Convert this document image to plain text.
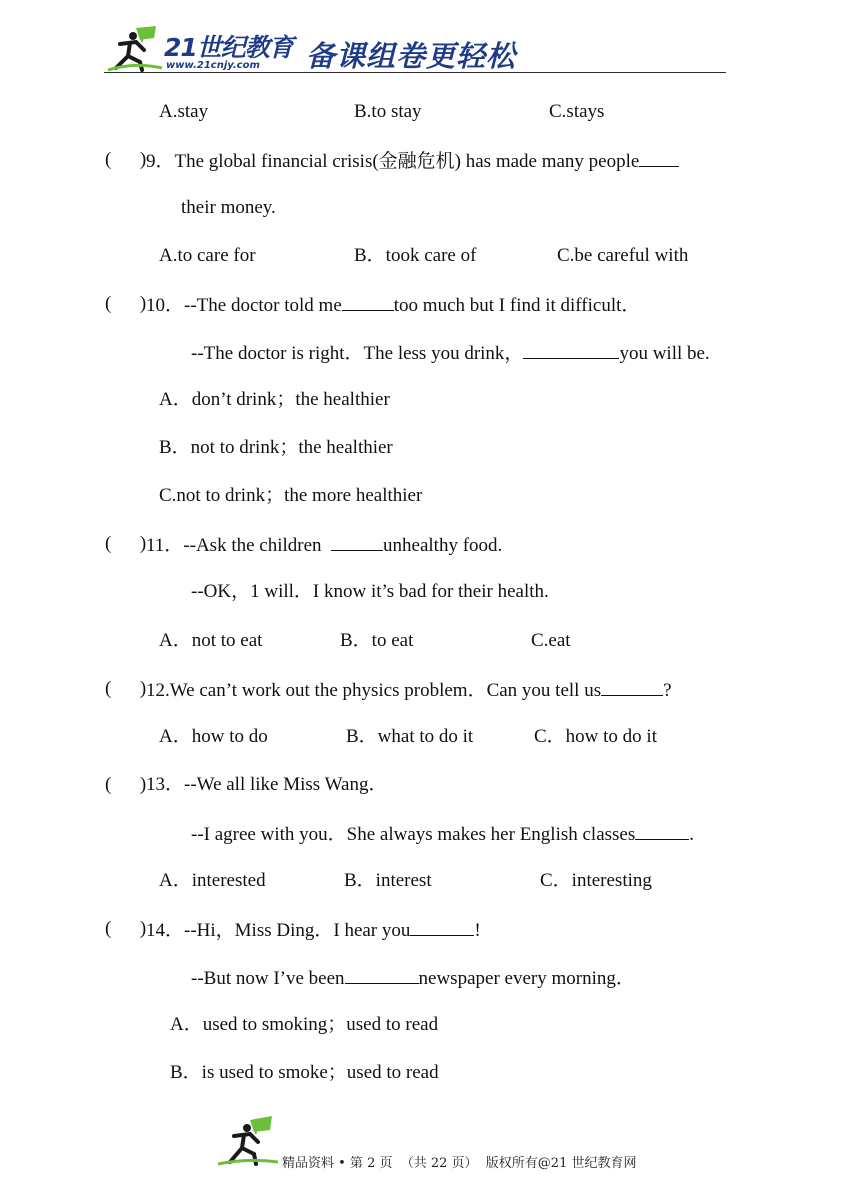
21世纪教育
www.21cnjy.com 备课组卷更轻松
A.stay	B.to stay	C.stays
(      ) 9．The global financial crisis(金融危机) has made many people
their money.
A.to care for	B．took care of	C.be careful with
(      ) 10．--The doctor told me	too much but I find it difficult．
--The doctor is right．The less you drink，	you will be.
A．don’t drink；the healthier
B．not to drink；the healthier
C.not to drink；the more healthier
(      ) 11．--Ask the children	unhealthy food.
--OK，1 will．I know it’s bad for their health.
A．not to eat	B．to eat	C.eat
(      ) 12.We can’t work out the physics problem．Can you tell us	?
A．how to do	B．what to do it	C．how to do it
(      ) 13．--We all like Miss Wang．
--I agree with you．She always makes her English classes	.
A．interested	B．interest	C．interesting
(      ) 14．--Hi，Miss Ding．I hear you	!
--But now I’ve been	newspaper every morning．
A．used to smoking；used to read
B．is used to smoke；used to read
精品资料 • 第 2 页  （共 22 页）  版权所有@21 世纪教育网
